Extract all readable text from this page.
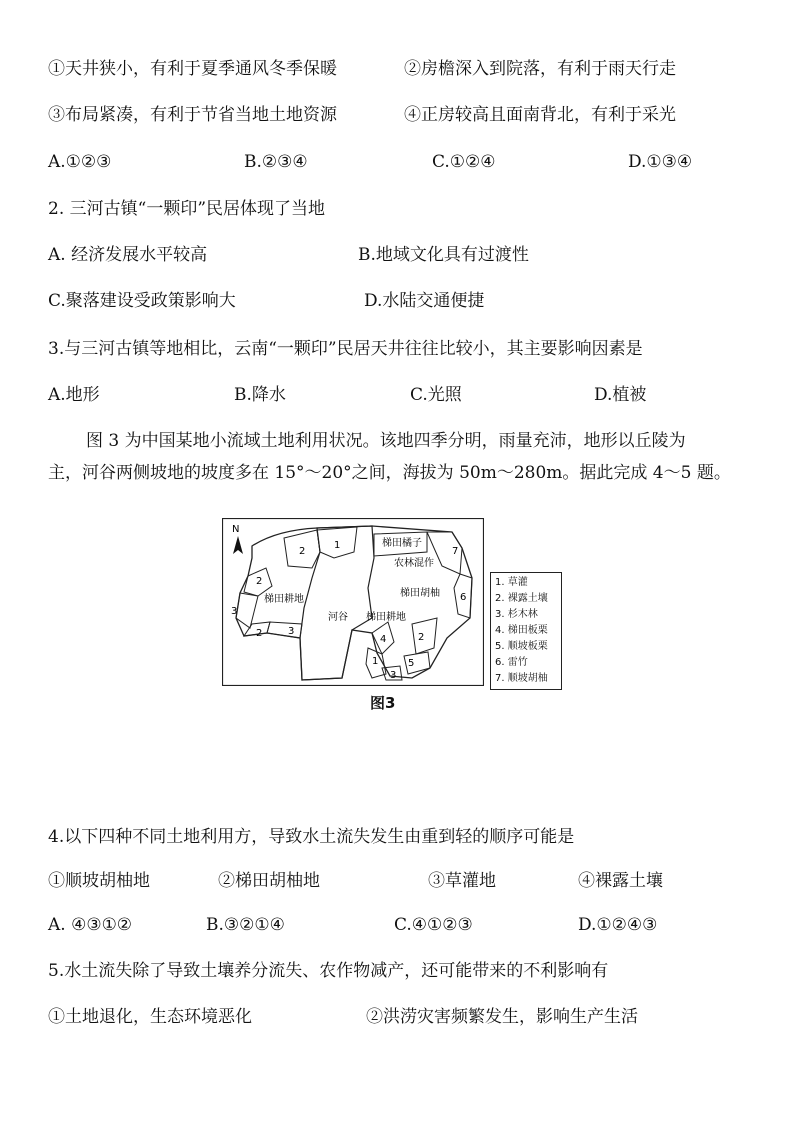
①天井狭小，有利于夏季通风冬季保暖	②房檐深入到院落，有利于雨天行走
③布局紧凑，有利于节省当地土地资源	④正房较高且面南背北，有利于采光
A.①②③	B.②③④	C.①②④	D.①③④
2. 三河古镇“一颗印”民居体现了当地
A. 经济发展水平较高	B.地域文化具有过渡性
C.聚落建设受政策影响大	D.水陆交通便捷
3.与三河古镇等地相比，云南“一颗印”民居天井往往比较小，其主要影响因素是
A.地形	B.降水	C.光照	D.植被
图 3 为中国某地小流域土地利用状况。该地四季分明，雨量充沛，地形以丘陵为
主，河谷两侧坡地的坡度多在 15°～20°之间，海拔为 50m～280m。据此完成 4～5 题。
N
梯田橘子
农林混作
梯田耕地
梯田胡柚
河谷 梯田耕地
1
2
2
3
2	3
7
6
4	2
1	5
3
1. 草灌
2. 裸露土壤
3. 杉木林
4. 梯田板栗
5. 顺坡板栗
6. 雷竹
7. 顺坡胡柚
图3
4.以下四种不同土地利用方，导致水土流失发生由重到轻的顺序可能是
①顺坡胡柚地	②梯田胡柚地	③草灌地	④裸露土壤
A. ④③①②	B.③②①④	C.④①②③	D.①②④③
5.水土流失除了导致土壤养分流失、农作物减产，还可能带来的不利影响有
①土地退化，生态环境恶化	②洪涝灾害频繁发生，影响生产生活
